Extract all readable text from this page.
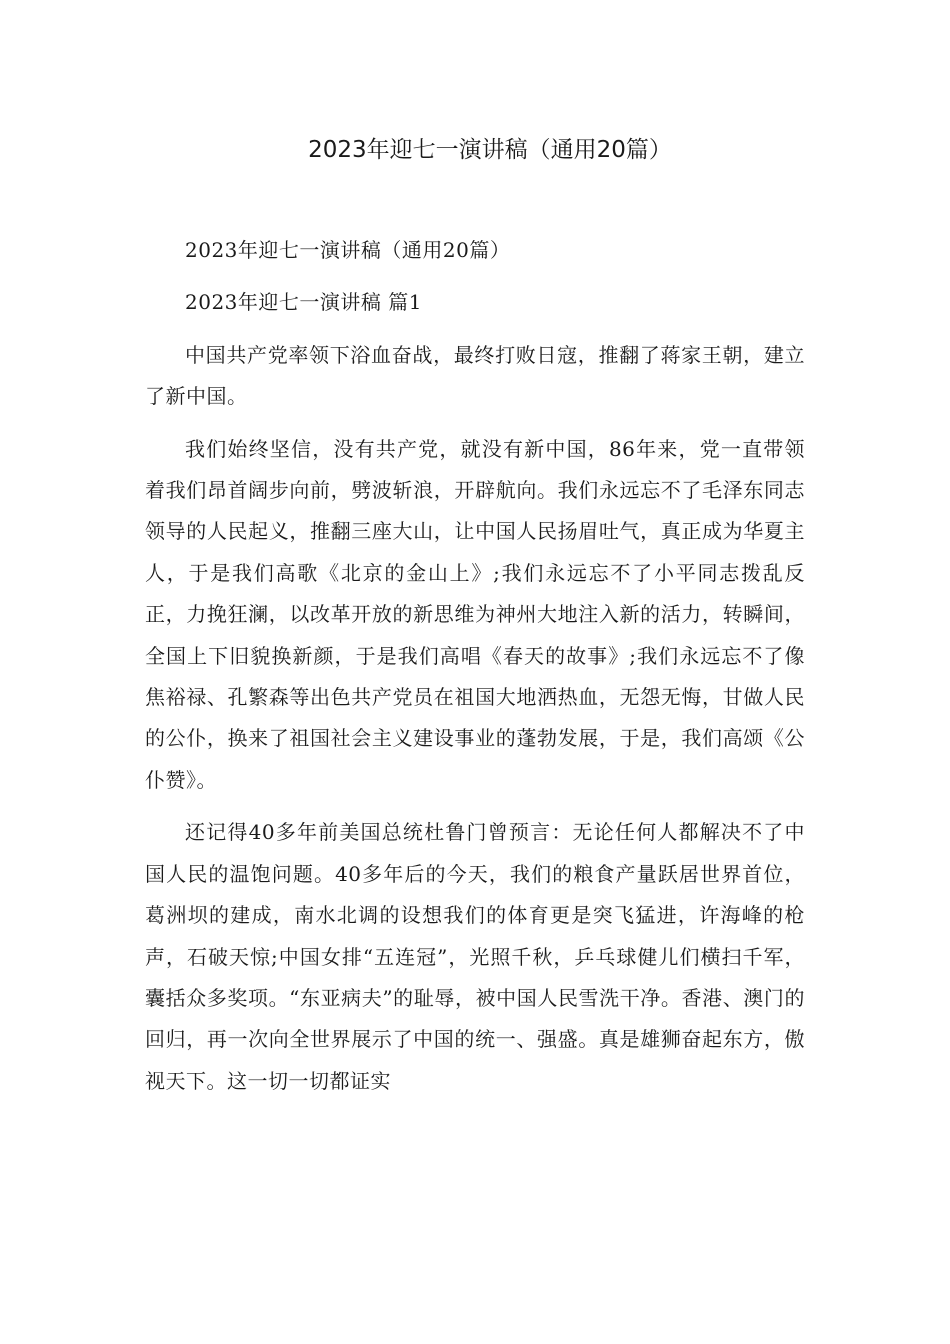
2023年迎七一演讲稿（通用20篇）

2023年迎七一演讲稿（通用20篇）

2023年迎七一演讲稿 篇1

中国共产党率领下浴血奋战，最终打败日寇，推翻了蒋家王朝，建立了新中国。

我们始终坚信，没有共产党，就没有新中国，86年来，党一直带领着我们昂首阔步向前，劈波斩浪，开辟航向。我们永远忘不了毛泽东同志领导的人民起义，推翻三座大山，让中国人民扬眉吐气，真正成为华夏主人，于是我们高歌《北京的金山上》;我们永远忘不了小平同志拨乱反正，力挽狂澜，以改革开放的新思维为神州大地注入新的活力，转瞬间，全国上下旧貌换新颜，于是我们高唱《春天的故事》;我们永远忘不了像焦裕禄、孔繁森等出色共产党员在祖国大地洒热血，无怨无悔，甘做人民的公仆，换来了祖国社会主义建设事业的蓬勃发展，于是，我们高颂《公仆赞》。

还记得40多年前美国总统杜鲁门曾预言：无论任何人都解决不了中国人民的温饱问题。40多年后的今天，我们的粮食产量跃居世界首位，葛洲坝的建成，南水北调的设想我们的体育更是突飞猛进，许海峰的枪声，石破天惊;中国女排“五连冠”，光照千秋，乒乓球健儿们横扫千军，囊括众多奖项。“东亚病夫”的耻辱，被中国人民雪洗干净。香港、澳门的回归，再一次向全世界展示了中国的统一、强盛。真是雄狮奋起东方，傲视天下。这一切一切都证实
